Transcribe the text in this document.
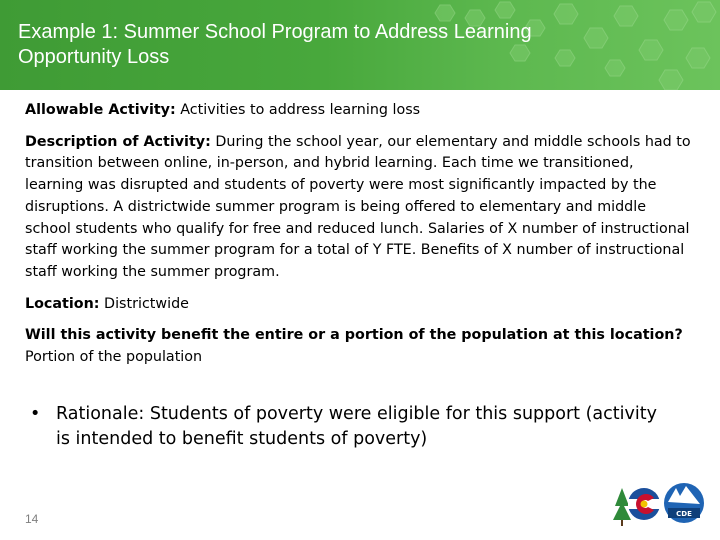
Example 1: Summer School Program to Address Learning Opportunity Loss

Allowable Activity: Activities to address learning loss

Description of Activity: During the school year, our elementary and middle schools had to transition between online, in-person, and hybrid learning. Each time we transitioned, learning was disrupted and students of poverty were most significantly impacted by the disruptions. A districtwide summer program is being offered to elementary and middle school students who qualify for free and reduced lunch. Salaries of X number of instructional staff working the summer program for a total of Y FTE. Benefits of X number of instructional staff working the summer program.

Location: Districtwide

Will this activity benefit the entire or a portion of the population at this location? Portion of the population

• Rationale: Students of poverty were eligible for this support (activity is intended to benefit students of poverty)
14	CDE
